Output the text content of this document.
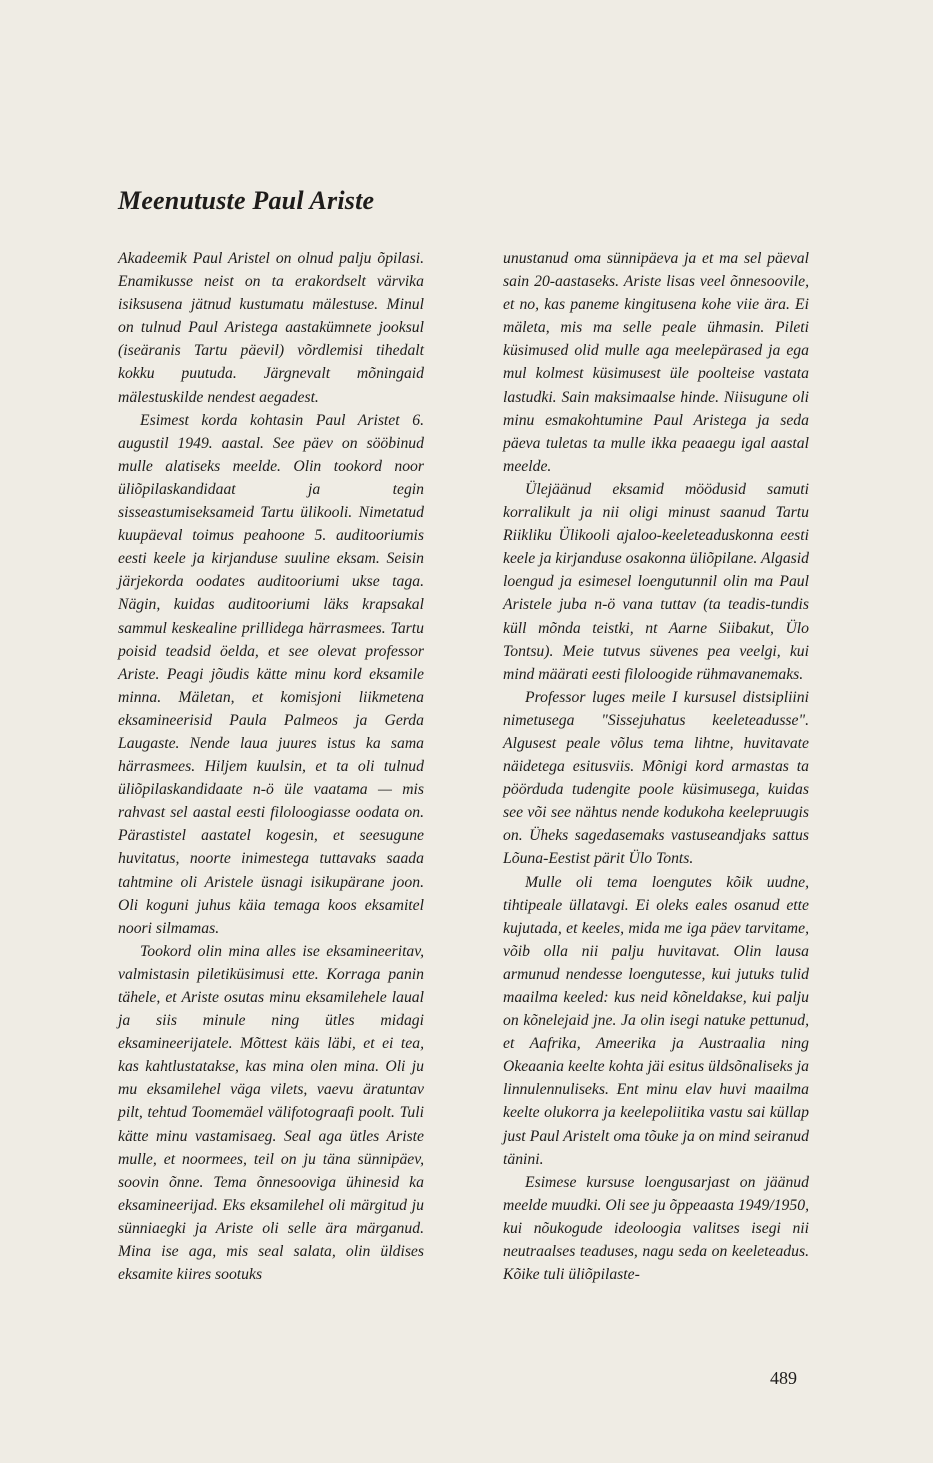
Meenutuste Paul Ariste

Akadeemik Paul Aristel on olnud palju õpilasi. Enamikusse neist on ta erakordselt värvika isiksusena jätnud kustumatu mälestuse. Minul on tulnud Paul Aristega aastakümnete jooksul (iseäranis Tartu päevil) võrdlemisi tihedalt kokku puutuda. Järgnevalt mõningaid mälestuskilde nendest aegadest.

Esimest korda kohtasin Paul Aristet 6. augustil 1949. aastal. See päev on sööbinud mulle alatiseks meelde. Olin tookord noor üliõpilaskandidaat ja tegin sisseastumiseksameid Tartu ülikooli. Nimetatud kuupäeval toimus peahoone 5. auditooriumis eesti keele ja kirjanduse suuline eksam. Seisin järjekorda oodates auditooriumi ukse taga. Nägin, kuidas auditooriumi läks krapsakal sammul keskealine prillidega härrasmees. Tartu poisid teadsid öelda, et see olevat professor Ariste. Peagi jõudis kätte minu kord eksamile minna. Mäletan, et komisjoni liikmetena eksamineerisid Paula Palmeos ja Gerda Laugaste. Nende laua juures istus ka sama härrasmees. Hiljem kuulsin, et ta oli tulnud üliõpilaskandidaate n-ö üle vaatama — mis rahvast sel aastal eesti filoloogiasse oodata on. Pärastistel aastatel kogesin, et seesugune huvitatus, noorte inimestega tuttavaks saada tahtmine oli Aristele üsnagi isikupärane joon. Oli koguni juhus käia temaga koos eksamitel noori silmamas.

Tookord olin mina alles ise eksamineeritav, valmistasin piletiküsimusi ette. Korraga panin tähele, et Ariste osutas minu eksamilehele laual ja siis minule ning ütles midagi eksamineerijatele. Mõttest käis läbi, et ei tea, kas kahtlustatakse, kas mina olen mina. Oli ju mu eksamilehel väga vilets, vaevu äratuntav pilt, tehtud Toomemäel välifotograafi poolt. Tuli kätte minu vastamisaeg. Seal aga ütles Ariste mulle, et noormees, teil on ju täna sünnipäev, soovin õnne. Tema õnnesooviga ühinesid ka eksamineerijad. Eks eksamilehel oli märgitud ju sünniaegki ja Ariste oli selle ära märganud. Mina ise aga, mis seal salata, olin üldises eksamite kiires sootuks

unustanud oma sünnipäeva ja et ma sel päeval sain 20-aastaseks. Ariste lisas veel õnnesoovile, et no, kas paneme kingitusena kohe viie ära. Ei mäleta, mis ma selle peale ühmasin. Pileti küsimused olid mulle aga meelepärased ja ega mul kolmest küsimusest üle poolteise vastata lastudki. Sain maksimaalse hinde. Niisugune oli minu esmakohtumine Paul Aristega ja seda päeva tuletas ta mulle ikka peaaegu igal aastal meelde.

Ülejäänud eksamid möödusid samuti korralikult ja nii oligi minust saanud Tartu Riikliku Ülikooli ajaloo-keeleteaduskonna eesti keele ja kirjanduse osakonna üliõpilane. Algasid loengud ja esimesel loengutunnil olin ma Paul Aristele juba n-ö vana tuttav (ta teadis-tundis küll mõnda teistki, nt Aarne Siibakut, Ülo Tontsu). Meie tutvus süvenes pea veelgi, kui mind määrati eesti filoloogide rühmavanemaks.

Professor luges meile I kursusel distsipliini nimetusega "Sissejuhatus keeleteadusse". Algusest peale võlus tema lihtne, huvitavate näidetega esitusviis. Mõnigi kord armastas ta pöörduda tudengite poole küsimusega, kuidas see või see nähtus nende kodukoha keelepruugis on. Üheks sagedasemaks vastuseandjaks sattus Lõuna-Eestist pärit Ülo Tonts.

Mulle oli tema loengutes kõik uudne, tihtipeale üllatavgi. Ei oleks eales osanud ette kujutada, et keeles, mida me iga päev tarvitame, võib olla nii palju huvitavat. Olin lausa armunud nendesse loengutesse, kui jutuks tulid maailma keeled: kus neid kõneldakse, kui palju on kõnelejaid jne. Ja olin isegi natuke pettunud, et Aafrika, Ameerika ja Austraalia ning Okeaania keelte kohta jäi esitus üldsõnaliseks ja linnulennuliseks. Ent minu elav huvi maailma keelte olukorra ja keelepoliitika vastu sai küllap just Paul Aristelt oma tõuke ja on mind seiranud tänini.

Esimese kursuse loengusarjast on jäänud meelde muudki. Oli see ju õppeaasta 1949/1950, kui nõukogude ideoloogia valitses isegi nii neutraalses teaduses, nagu seda on keeleteadus. Kõike tuli üliõpilaste-

489
